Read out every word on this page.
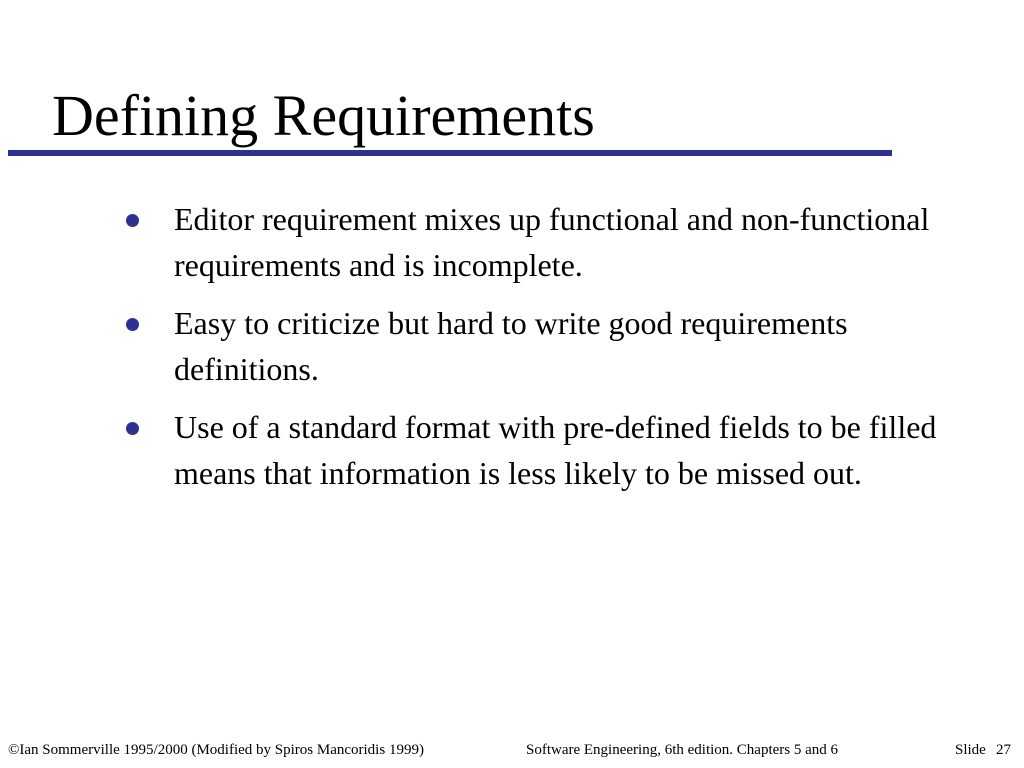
Defining Requirements
Editor requirement mixes up functional and non-functional requirements and is incomplete.
Easy to criticize but hard to write good requirements definitions.
Use of a standard format with pre-defined fields to be filled means that information is less likely to be missed out.
©Ian Sommerville 1995/2000 (Modified by Spiros Mancoridis 1999)	Software Engineering, 6th edition. Chapters 5 and 6	Slide 27
